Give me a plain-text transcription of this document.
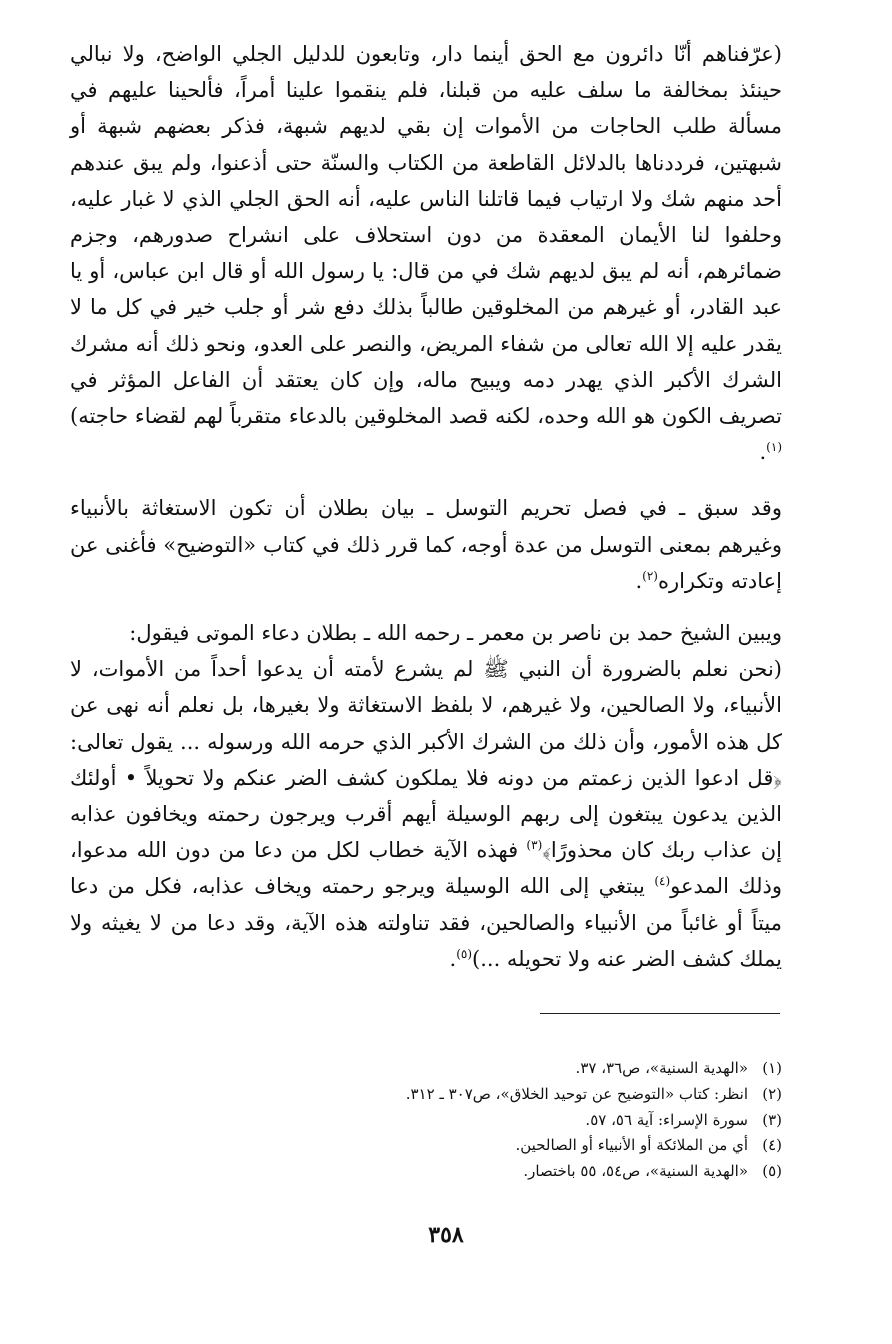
(عرّفناهم أنّا دائرون مع الحق أينما دار، وتابعون للدليل الجلي الواضح، ولا نبالي حينئذ بمخالفة ما سلف عليه من قبلنا، فلم ينقموا علينا أمراً، فألحينا عليهم في مسألة طلب الحاجات من الأموات إن بقي لديهم شبهة، فذكر بعضهم شبهة أو شبهتين، فرددناها بالدلائل القاطعة من الكتاب والسنّة حتى أذعنوا، ولم يبق عندهم أحد منهم شك ولا ارتياب فيما قاتلنا الناس عليه، أنه الحق الجلي الذي لا غبار عليه، وحلفوا لنا الأيمان المعقدة من دون استحلاف على انشراح صدورهم، وجزم ضمائرهم، أنه لم يبق لديهم شك في من قال: يا رسول الله أو قال ابن عباس، أو يا عبد القادر، أو غيرهم من المخلوقين طالباً بذلك دفع شر أو جلب خير في كل ما لا يقدر عليه إلا الله تعالى من شفاء المريض، والنصر على العدو، ونحو ذلك أنه مشرك الشرك الأكبر الذي يهدر دمه ويبيح ماله، وإن كان يعتقد أن الفاعل المؤثر في تصريف الكون هو الله وحده، لكنه قصد المخلوقين بالدعاء متقرباً لهم لقضاء حاجته)$^{(١)}$.

وقد سبق ـ في فصل تحريم التوسل ـ بيان بطلان أن تكون الاستغاثة بالأنبياء وغيرهم بمعنى التوسل من عدة أوجه، كما قرر ذلك في كتاب «التوضيح» فأغنى عن إعادته وتكراره$^{(٢)}$.

ويبين الشيخ حمد بن ناصر بن معمر ـ رحمه الله ـ بطلان دعاء الموتى فيقول:

(نحن نعلم بالضرورة أن النبي ﷺ لم يشرع لأمته أن يدعوا أحداً من الأموات، لا الأنبياء، ولا الصالحين، ولا غيرهم، لا بلفظ الاستغاثة ولا بغيرها، بل نعلم أنه نهى عن كل هذه الأمور، وأن ذلك من الشرك الأكبر الذي حرمه الله ورسوله ... يقول تعالى: ﴿قل ادعوا الذين زعمتم من دونه فلا يملكون كشف الضر عنكم ولا تحويلاً • أولئك الذين يدعون يبتغون إلى ربهم الوسيلة أيهم أقرب ويرجون رحمته ويخافون عذابه إن عذاب ربك كان محذورًا﴾$^{(٣)}$ فهذه الآية خطاب لكل من دعا من دون الله مدعوا، وذلك المدعو$^{(٤)}$ يبتغي إلى الله الوسيلة ويرجو رحمته ويخاف عذابه، فكل من دعا ميتاً أو غائباً من الأنبياء والصالحين، فقد تناولته هذه الآية، وقد دعا من لا يغيثه ولا يملك كشف الضر عنه ولا تحويله ...)$^{(٥)}$.

(١)«الهدية السنية»، ص٣٦، ٣٧.
(٢)انظر: كتاب «التوضيح عن توحيد الخلاق»، ص٣٠٧ ـ ٣١٢.
(٣)سورة الإسراء: آية ٥٦، ٥٧.
(٤)أي من الملائكة أو الأنبياء أو الصالحين.
(٥)«الهدية السنية»، ص٥٤، ٥٥ باختصار.
٣٥٨
